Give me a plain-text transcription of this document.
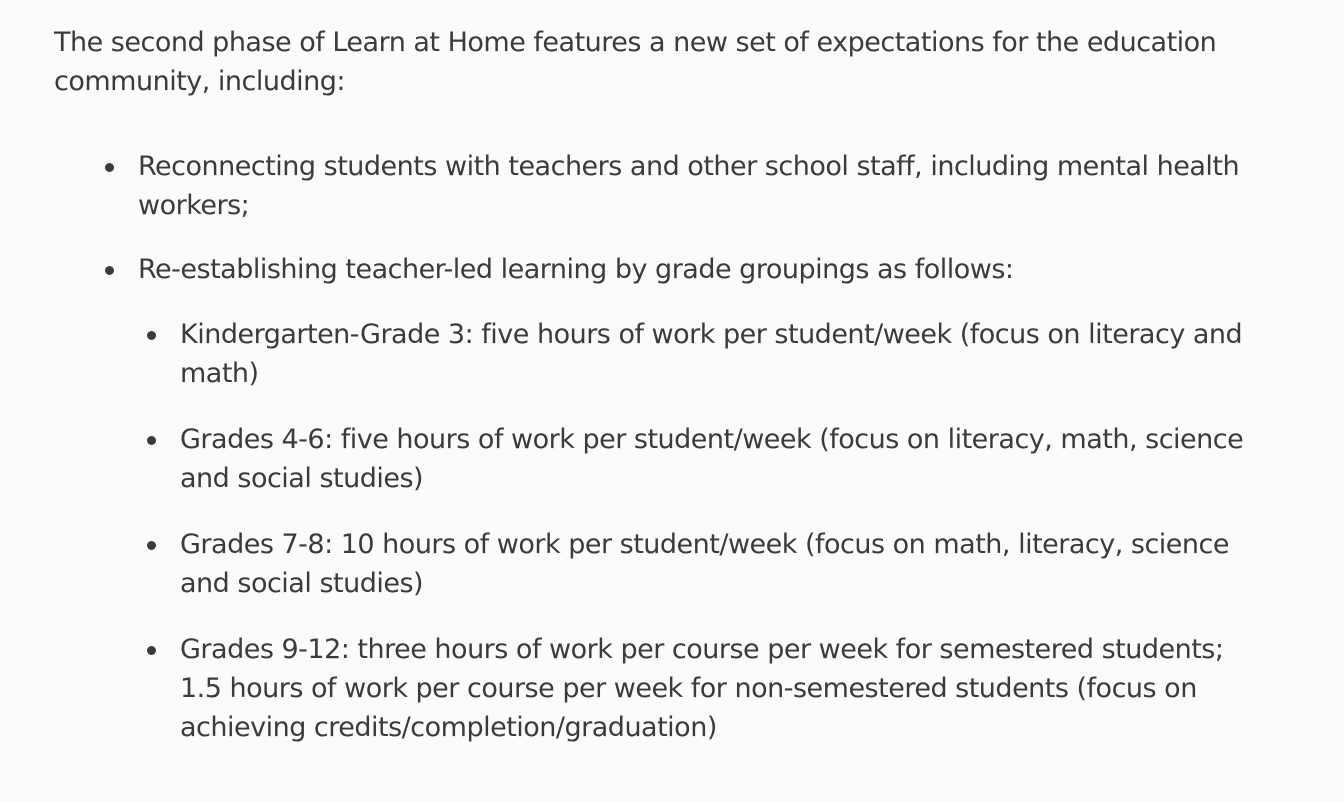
The second phase of Learn at Home features a new set of expectations for the education community, including:

Reconnecting students with teachers and other school staff, including mental health workers;
Re-establishing teacher-led learning by grade groupings as follows:
Kindergarten-Grade 3: five hours of work per student/week (focus on literacy and math)
Grades 4-6: five hours of work per student/week (focus on literacy, math, science and social studies)
Grades 7-8: 10 hours of work per student/week (focus on math, literacy, science and social studies)
Grades 9-12: three hours of work per course per week for semestered students; 1.5 hours of work per course per week for non-semestered students (focus on achieving credits/completion/graduation)
